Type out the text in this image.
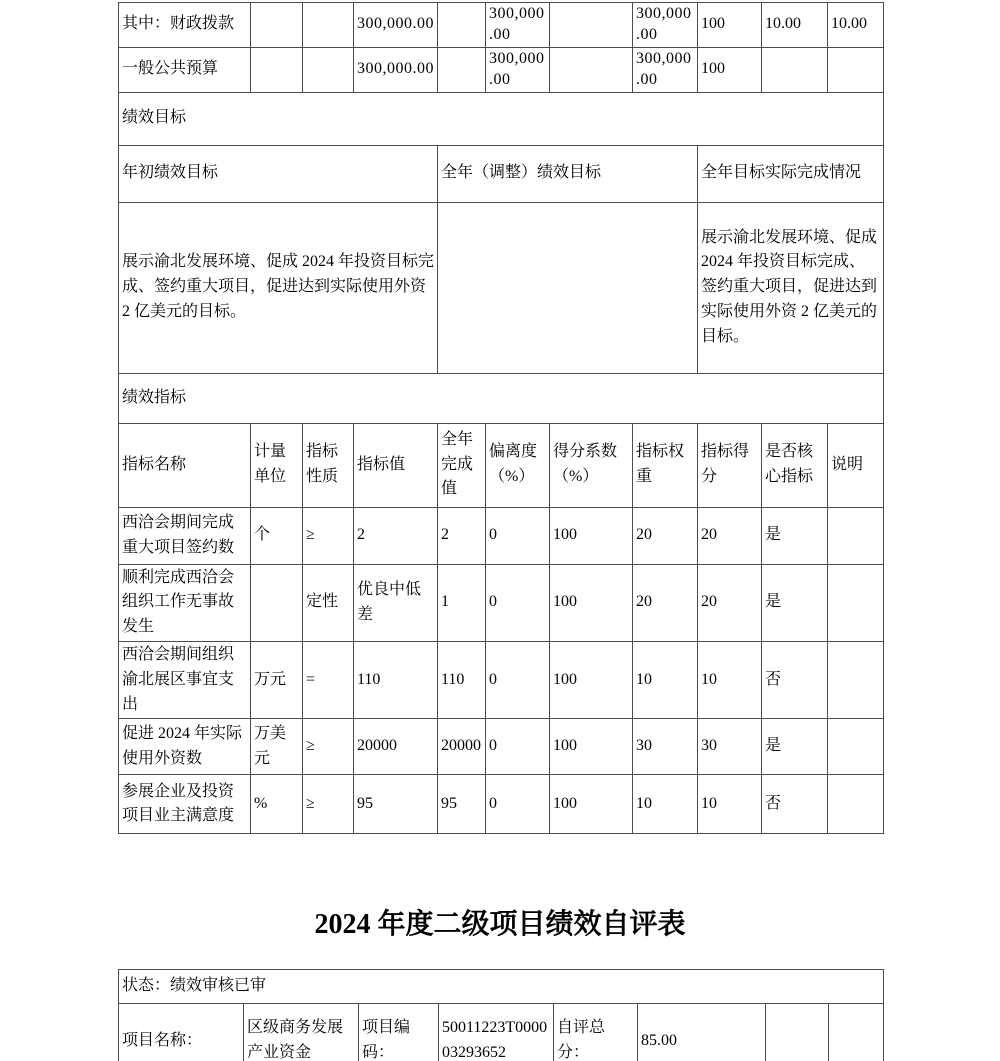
其中：财政拨款			300,000.00		300,000.00		300,000.00	100	10.00	10.00
一般公共预算			300,000.00		300,000.00		300,000.00	100		
绩效目标										
年初绩效目标				全年（调整）绩效目标				全年目标实际完成情况		
展示渝北发展环境、促成 2024 年投资目标完成、签约重大项目，促进达到实际使用外资 2 亿美元的目标。								展示渝北发展环境、促成 2024 年投资目标完成、签约重大项目，促进达到实际使用外资 2 亿美元的目标。		
绩效指标										
指标名称	计量单位	指标性质	指标值	全年完成值	偏离度（%）	得分系数（%）	指标权重	指标得分	是否核心指标	说明
西洽会期间完成重大项目签约数	个	≥	2	2	0	100	20	20	是	
顺利完成西洽会组织工作无事故发生		定性	优良中低差	1	0	100	20	20	是	
西洽会期间组织渝北展区事宜支出	万元	=	110	110	0	100	10	10	否	
促进 2024 年实际使用外资数	万美元	≥	20000	20000	0	100	30	30	是	
参展企业及投资项目业主满意度	%	≥	95	95	0	100	10	10	否	
2024 年度二级项目绩效自评表
状态：绩效审核已审
项目名称：	区级商务发展产业资金	项目编码：	50011223T000003293652	自评总分：	85.00		
